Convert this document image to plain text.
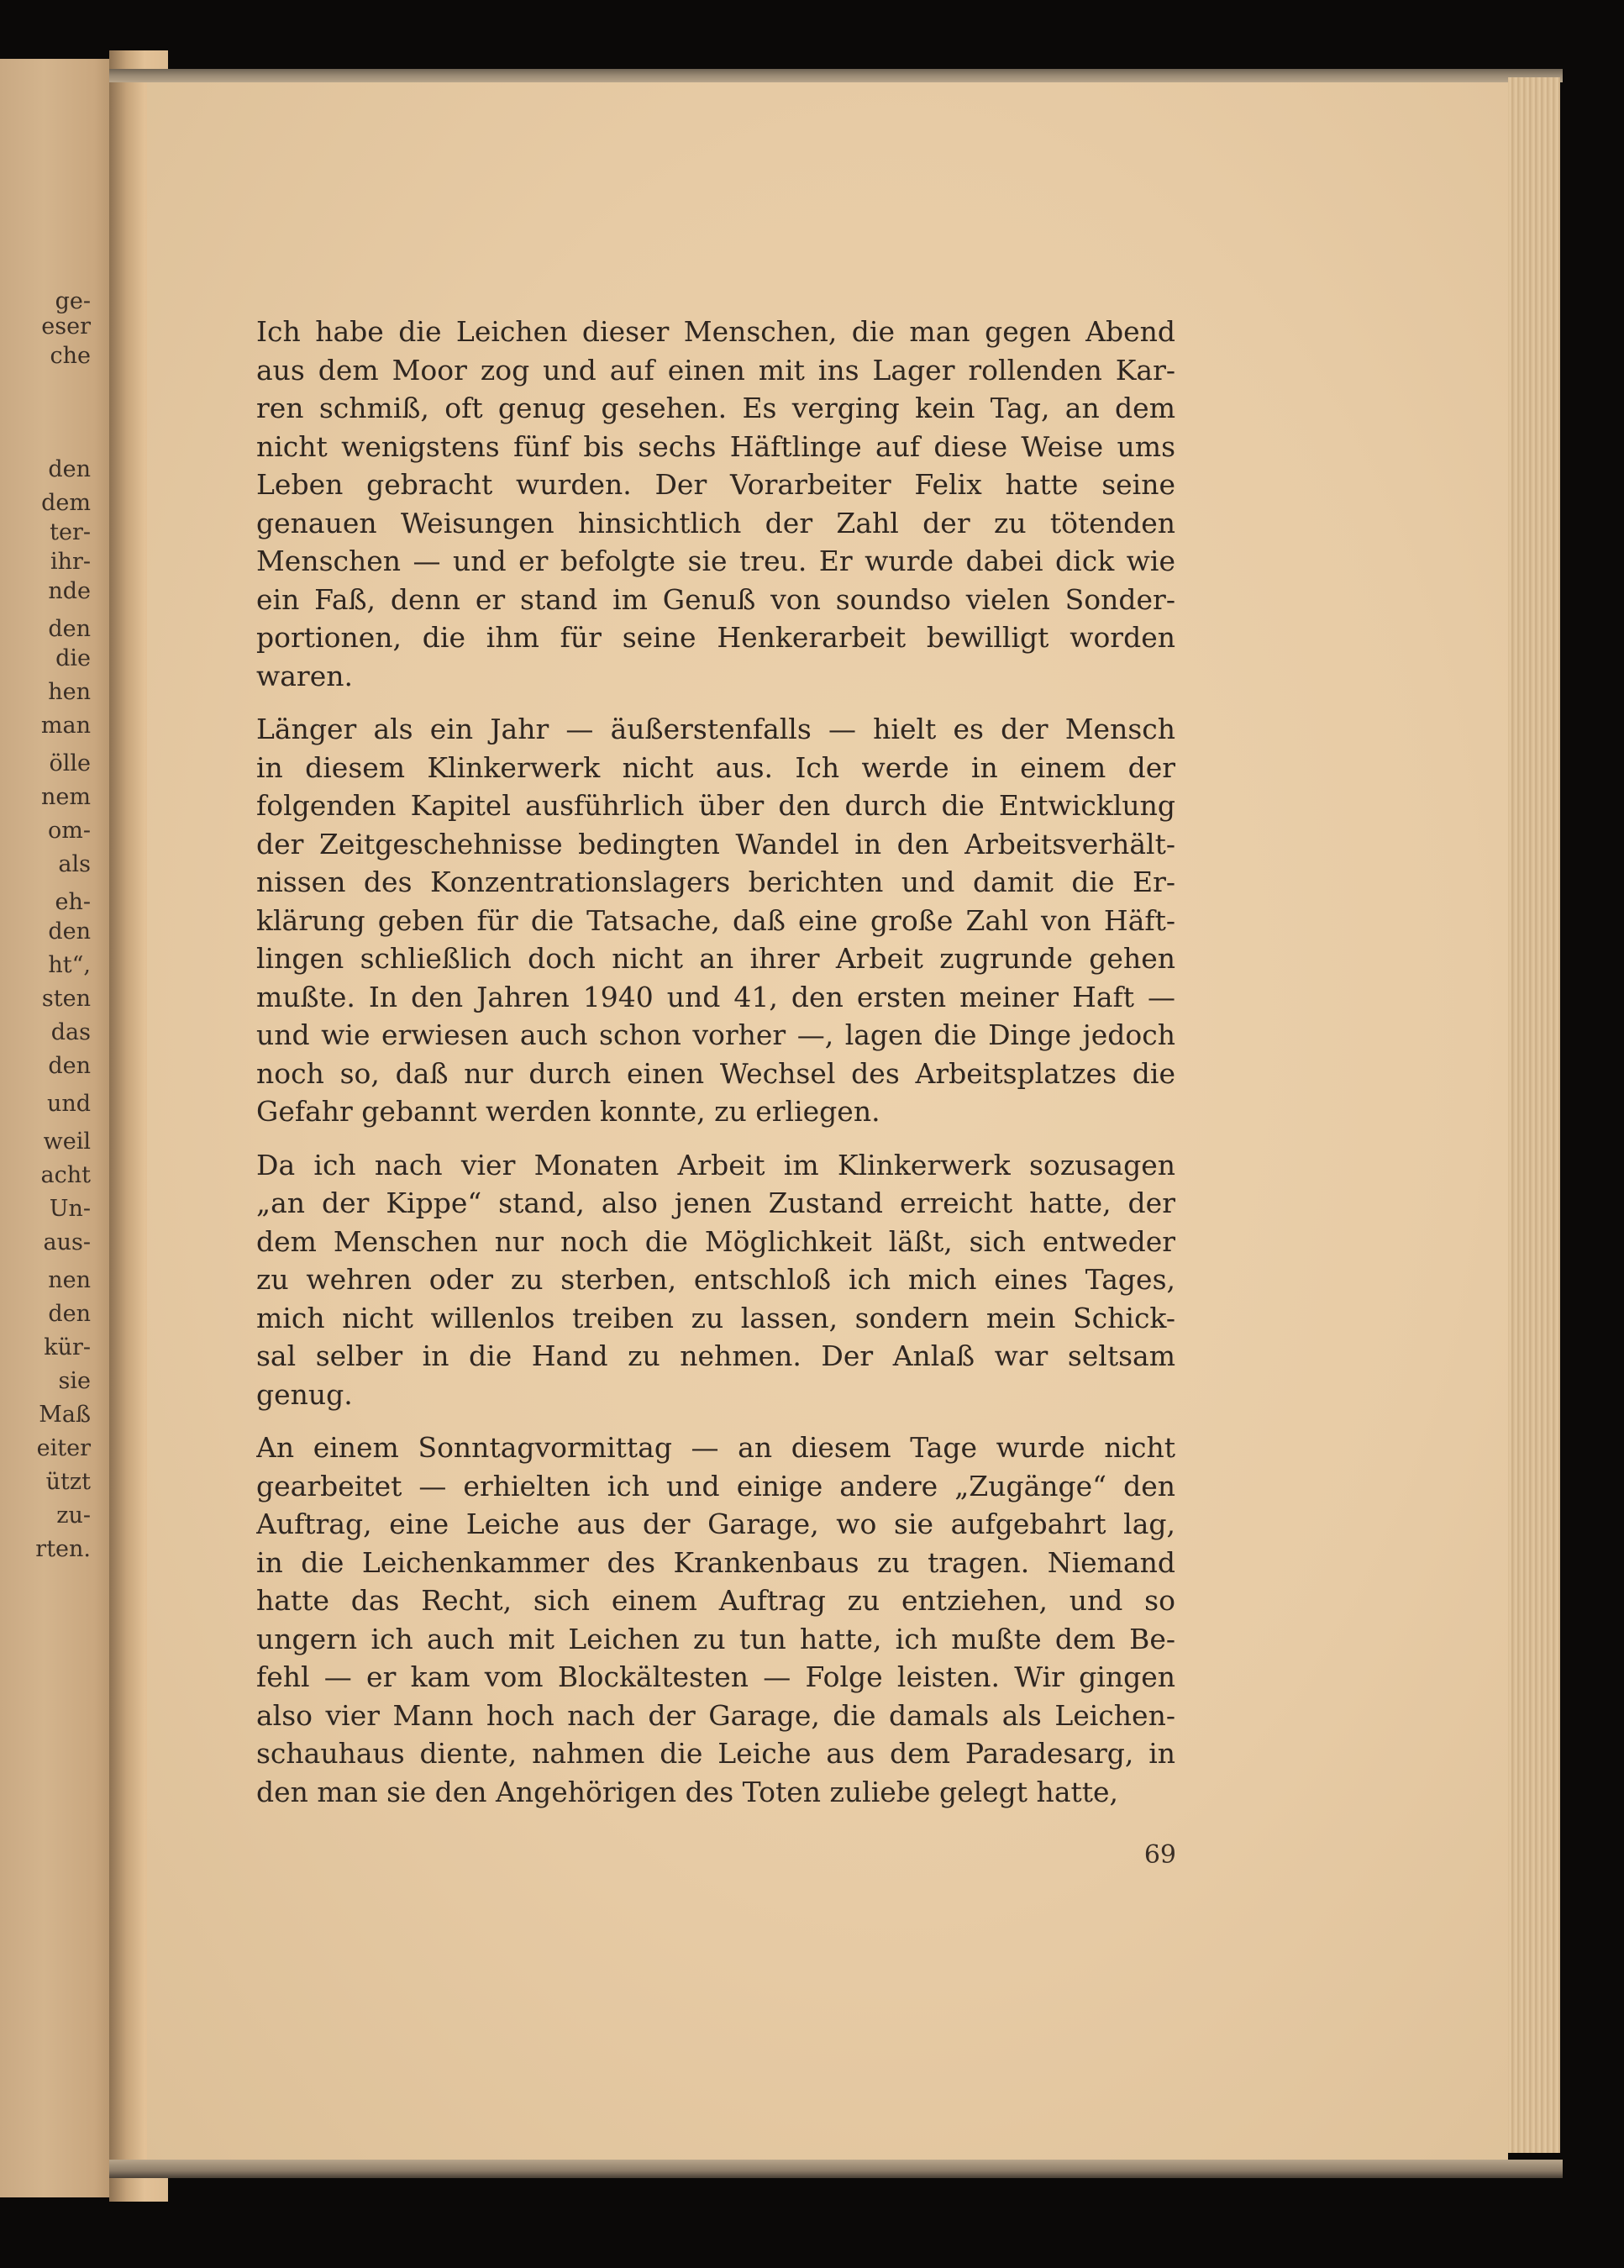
ge-
eser
che
den
dem
ter-
ihr-
nde
den
die
hen
man
ölle
nem
om-
als
eh-
den
ht“,
sten
das
den
und
weil
acht
Un-
aus-
nen
den
kür-
sie
Maß
eiter
ützt
zu-
rten.
Ich habe die Leichen dieser Menschen, die man gegen Abend
aus dem Moor zog und auf einen mit ins Lager rollenden Kar-
ren schmiß, oft genug gesehen. Es verging kein Tag, an dem
nicht wenigstens fünf bis sechs Häftlinge auf diese Weise ums
Leben gebracht wurden. Der Vorarbeiter Felix hatte seine
genauen Weisungen hinsichtlich der Zahl der zu tötenden
Menschen — und er befolgte sie treu. Er wurde dabei dick wie
ein Faß, denn er stand im Genuß von soundso vielen Sonder-
portionen, die ihm für seine Henkerarbeit bewilligt worden
waren.
Länger als ein Jahr — äußerstenfalls — hielt es der Mensch
in diesem Klinkerwerk nicht aus. Ich werde in einem der
folgenden Kapitel ausführlich über den durch die Entwicklung
der Zeitgeschehnisse bedingten Wandel in den Arbeitsverhält-
nissen des Konzentrationslagers berichten und damit die Er-
klärung geben für die Tatsache, daß eine große Zahl von Häft-
lingen schließlich doch nicht an ihrer Arbeit zugrunde gehen
mußte. In den Jahren 1940 und 41, den ersten meiner Haft —
und wie erwiesen auch schon vorher —, lagen die Dinge jedoch
noch so, daß nur durch einen Wechsel des Arbeitsplatzes die
Gefahr gebannt werden konnte, zu erliegen.
Da ich nach vier Monaten Arbeit im Klinkerwerk sozusagen
„an der Kippe“ stand, also jenen Zustand erreicht hatte, der
dem Menschen nur noch die Möglichkeit läßt, sich entweder
zu wehren oder zu sterben, entschloß ich mich eines Tages,
mich nicht willenlos treiben zu lassen, sondern mein Schick-
sal selber in die Hand zu nehmen. Der Anlaß war seltsam
genug.
An einem Sonntagvormittag — an diesem Tage wurde nicht
gearbeitet — erhielten ich und einige andere „Zugänge“ den
Auftrag, eine Leiche aus der Garage, wo sie aufgebahrt lag,
in die Leichenkammer des Krankenbaus zu tragen. Niemand
hatte das Recht, sich einem Auftrag zu entziehen, und so
ungern ich auch mit Leichen zu tun hatte, ich mußte dem Be-
fehl — er kam vom Blockältesten — Folge leisten. Wir gingen
also vier Mann hoch nach der Garage, die damals als Leichen-
schauhaus diente, nahmen die Leiche aus dem Paradesarg, in
den man sie den Angehörigen des Toten zuliebe gelegt hatte,
69
